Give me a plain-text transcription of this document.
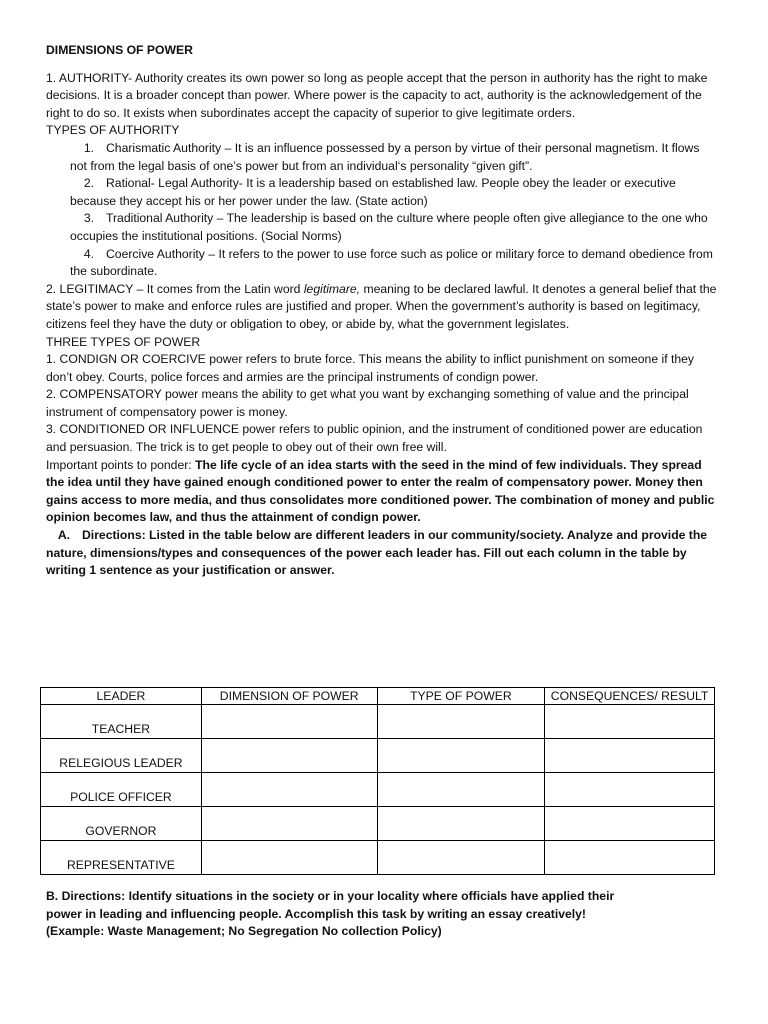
DIMENSIONS OF POWER

1. AUTHORITY- Authority creates its own power so long as people accept that the person in authority has the right to make decisions. It is a broader concept than power. Where power is the capacity to act, authority is the acknowledgement of the right to do so. It exists when subordinates accept the capacity of superior to give legitimate orders.

TYPES OF AUTHORITY

1. Charismatic Authority – It is an influence possessed by a person by virtue of their personal magnetism. It flows not from the legal basis of one’s power but from an individual‘s personality “given gift”.

2. Rational- Legal Authority- It is a leadership based on established law. People obey the leader or executive because they accept his or her power under the law. (State action)

3. Traditional Authority – The leadership is based on the culture where people often give allegiance to the one who occupies the institutional positions. (Social Norms)

4. Coercive Authority – It refers to the power to use force such as police or military force to demand obedience from the subordinate.

2. LEGITIMACY – It comes from the Latin word legitimare, meaning to be declared lawful. It denotes a general belief that the state’s power to make and enforce rules are justified and proper. When the government’s authority is based on legitimacy, citizens feel they have the duty or obligation to obey, or abide by, what the government legislates.

THREE TYPES OF POWER

1. CONDIGN OR COERCIVE power refers to brute force. This means the ability to inflict punishment on someone if they don’t obey. Courts, police forces and armies are the principal instruments of condign power.

2. COMPENSATORY power means the ability to get what you want by exchanging something of value and the principal instrument of compensatory power is money.

3. CONDITIONED OR INFLUENCE power refers to public opinion, and the instrument of conditioned power are education and persuasion. The trick is to get people to obey out of their own free will.

Important points to ponder: The life cycle of an idea starts with the seed in the mind of few individuals. They spread the idea until they have gained enough conditioned power to enter the realm of compensatory power. Money then gains access to more media, and thus consolidates more conditioned power. The combination of money and public opinion becomes law, and thus the attainment of condign power.

A. Directions: Listed in the table below are different leaders in our community/society. Analyze and provide the nature, dimensions/types and consequences of the power each leader has. Fill out each column in the table by writing 1 sentence as your justification or answer.

LEADER	DIMENSION OF POWER	TYPE OF POWER	CONSEQUENCES/ RESULT
TEACHER			
RELEGIOUS LEADER			
POLICE OFFICER			
GOVERNOR			
REPRESENTATIVE			

B. Directions: Identify situations in the society or in your locality where officials have applied their power in leading and influencing people. Accomplish this task by writing an essay creatively! (Example: Waste Management; No Segregation No collection Policy)
